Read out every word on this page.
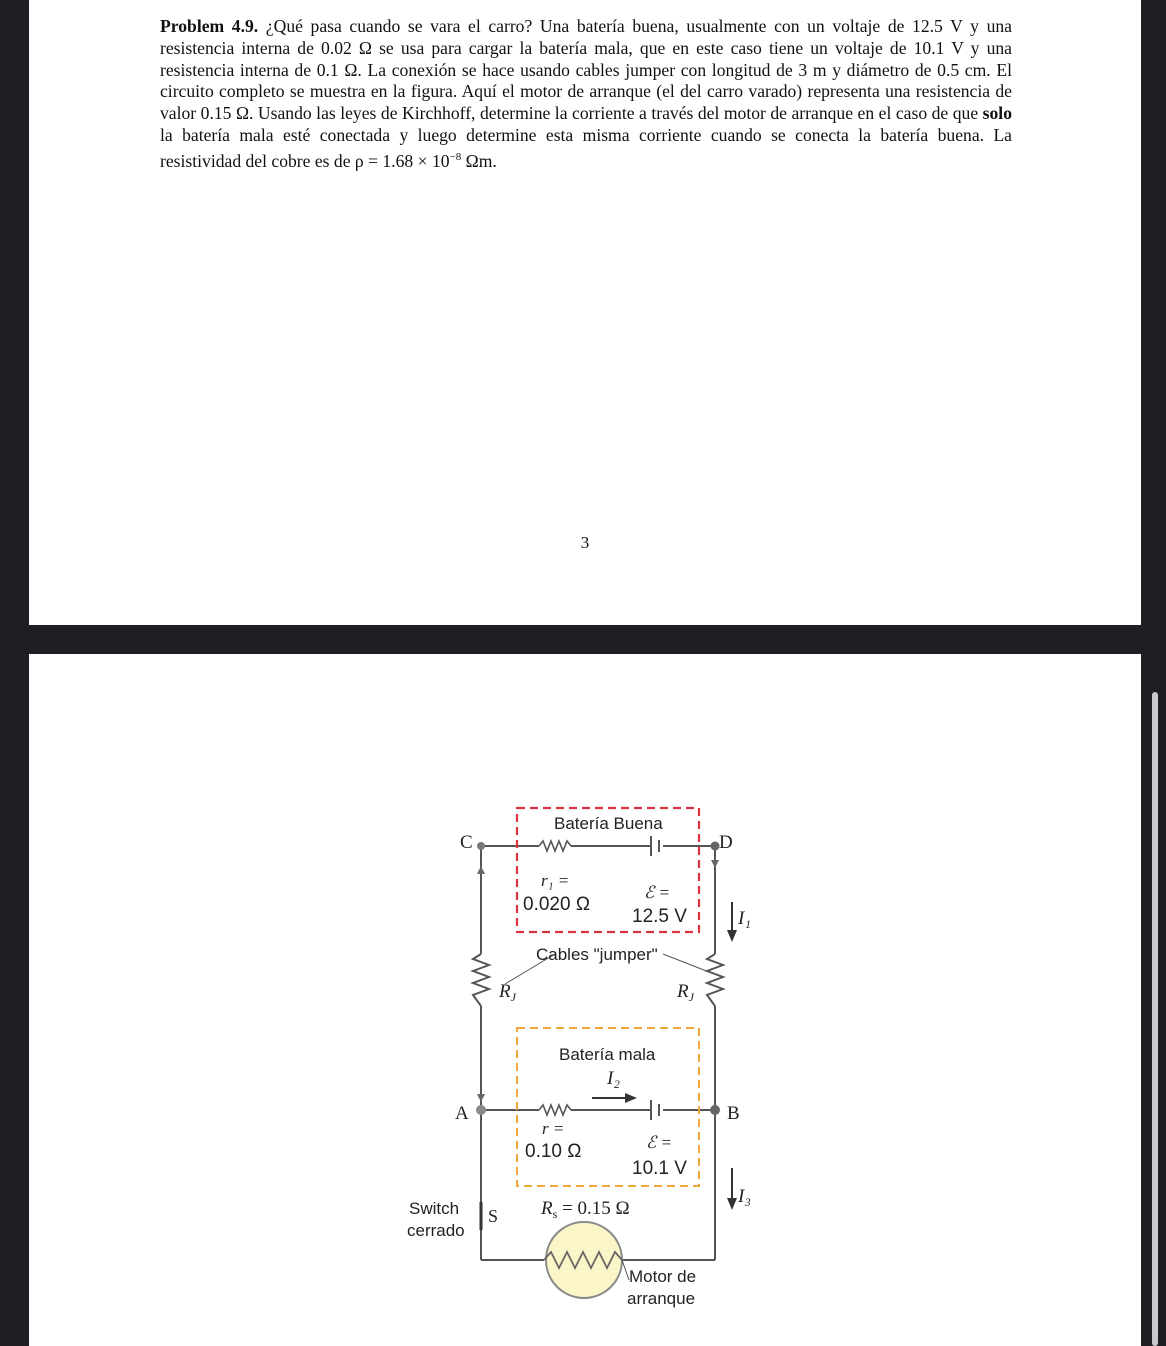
Problem 4.9. ¿Qué pasa cuando se vara el carro? Una batería buena, usualmente con un voltaje de 12.5 V y una resistencia interna de 0.02 Ω se usa para cargar la batería mala, que en este caso tiene un voltaje de 10.1 V y una resistencia interna de 0.1 Ω. La conexión se hace usando cables jumper con longitud de 3 m y diámetro de 0.5 cm. El circuito completo se muestra en la figura. Aquí el motor de arranque (el del carro varado) representa una resistencia de valor 0.15 Ω. Usando las leyes de Kirchhoff, determine la corriente a través del motor de arranque en el caso de que solo la batería mala esté conectada y luego determine esta misma corriente cuando se conecta la batería buena. La resistividad del cobre es de $\rho = 1.68 \times 10^{-8}$ Ωm.
3
Batería Buena
C	D
A	B
r₁ =
0.020 Ω
ℰ =
12.5 V	I₁
Cables "jumper"
$R_J$	$R_J$
Batería mala
I₂
r =
0.10 Ω	ℰ =
10.1 V
I₃
$R_s = 0.15$ Ω
Switch
cerrado
S
Motor de
arranque
